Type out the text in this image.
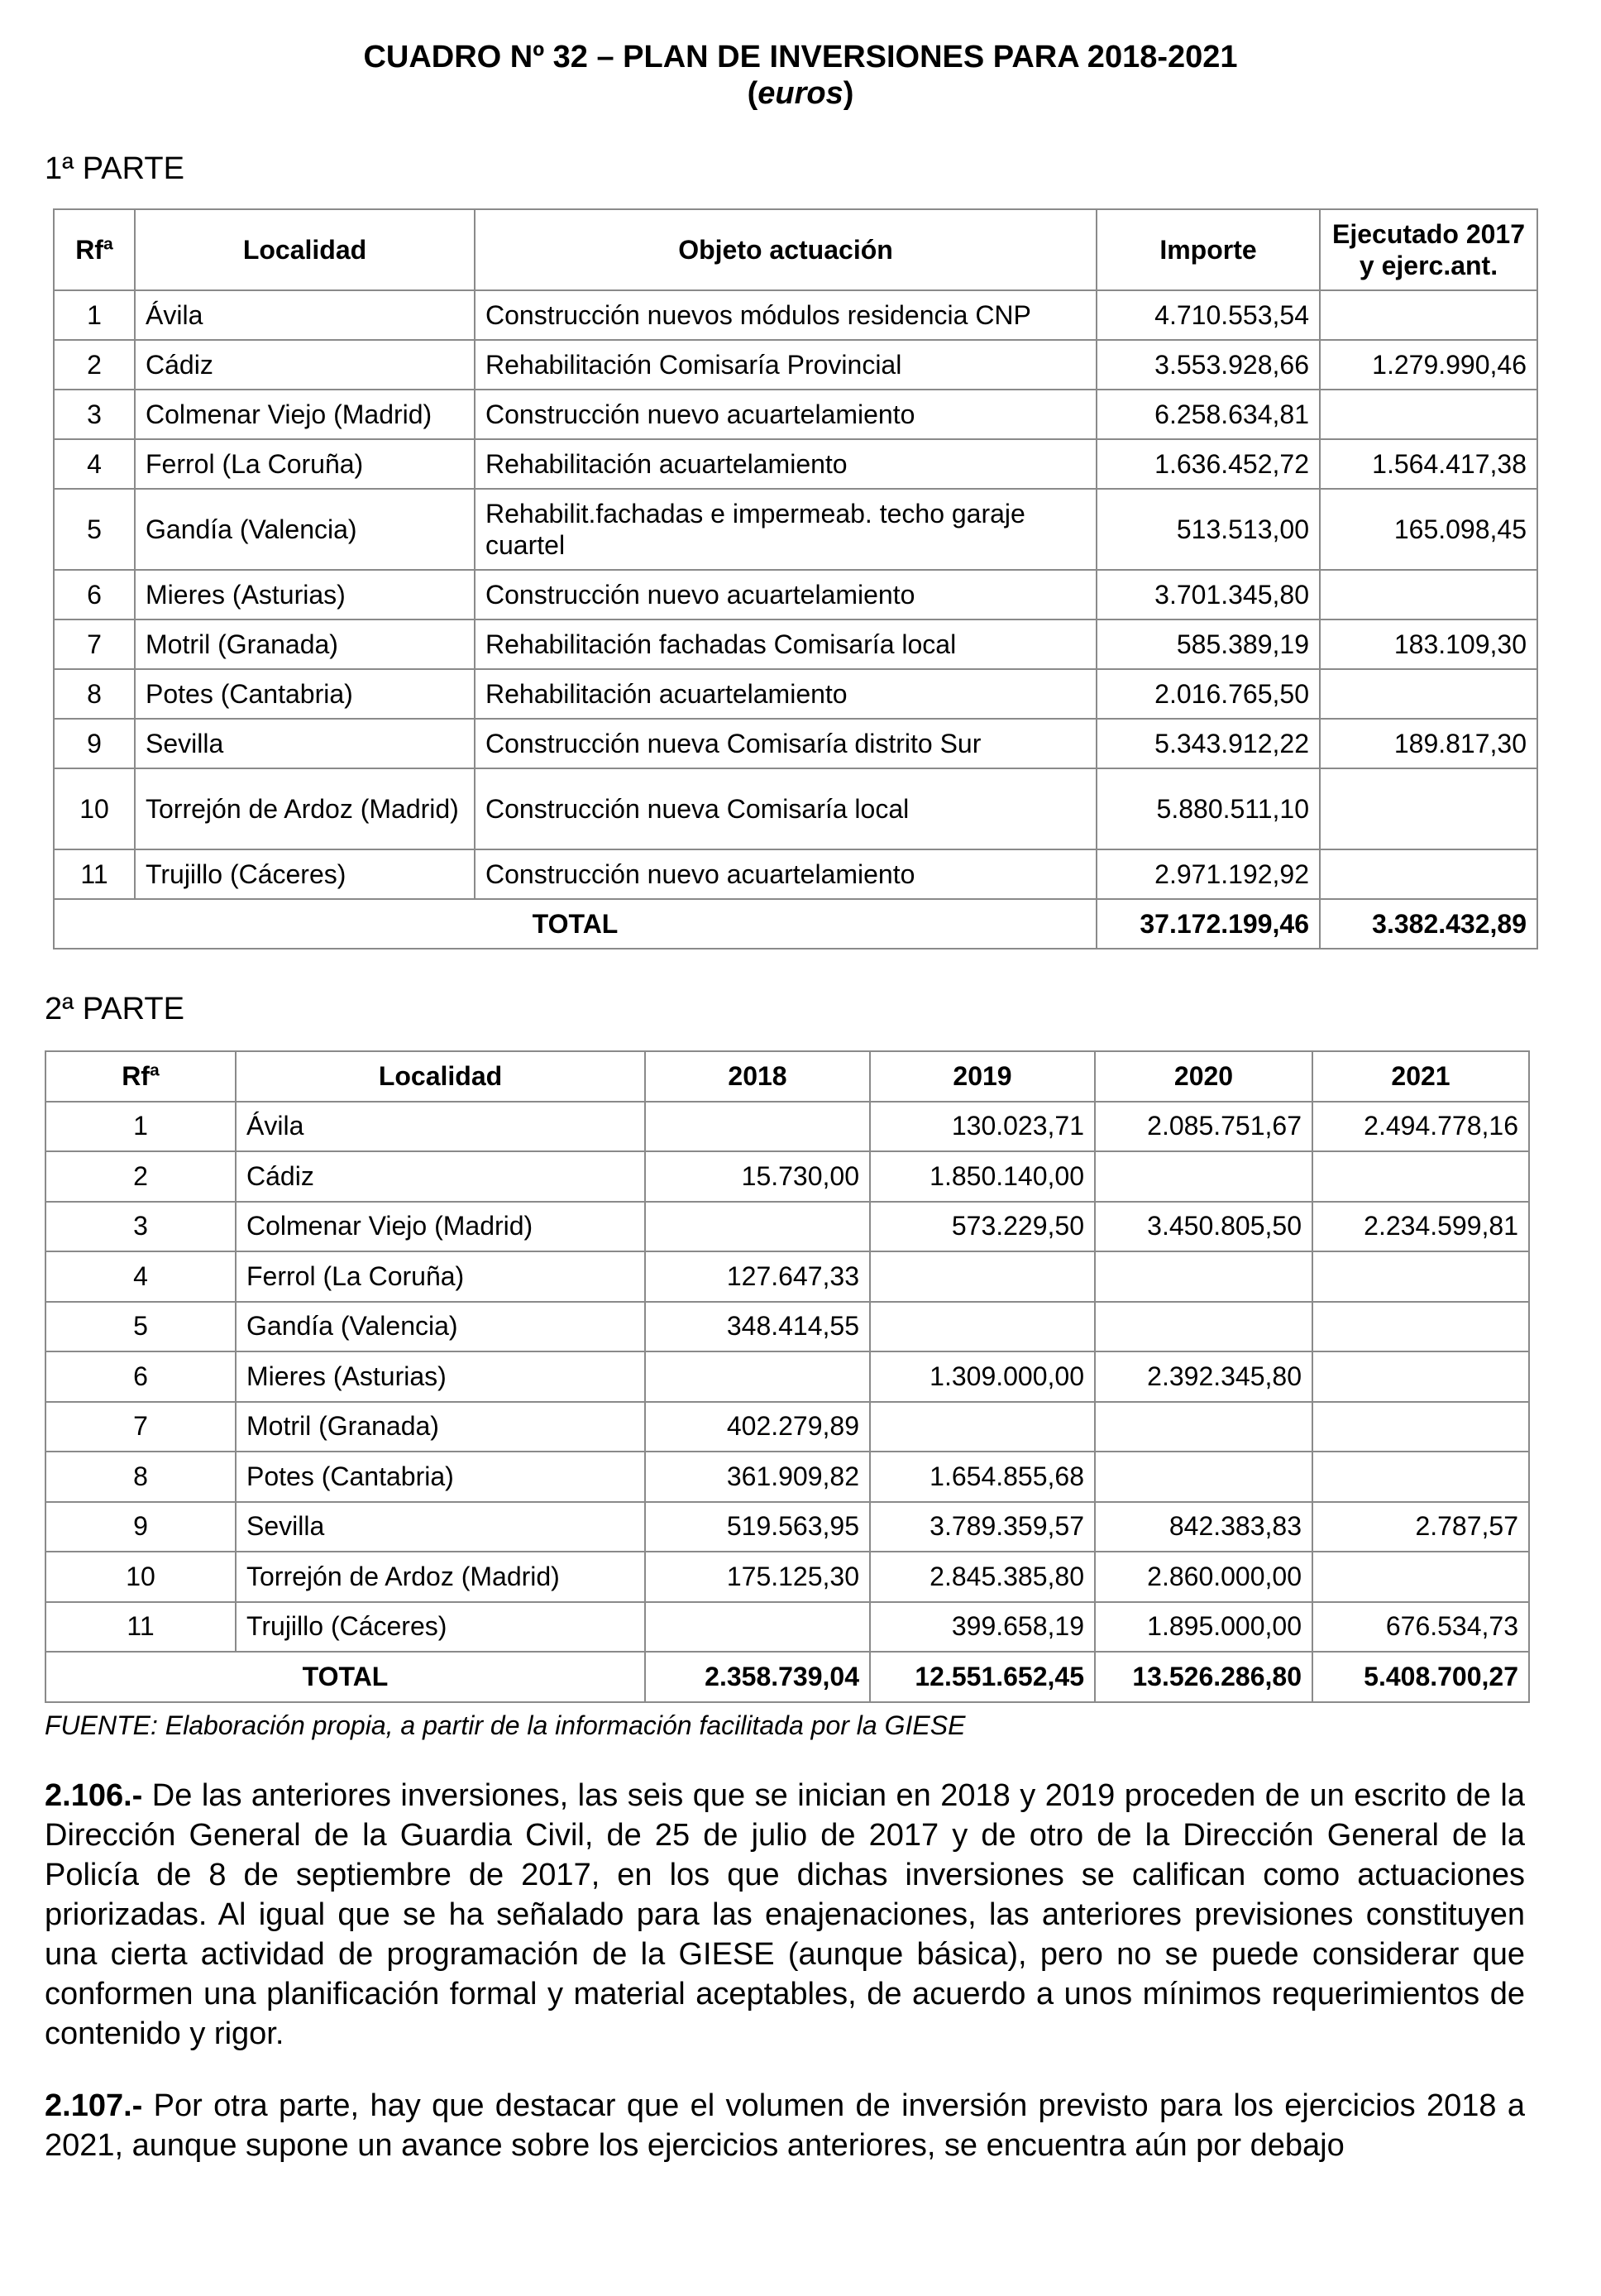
CUADRO Nº 32 – PLAN DE INVERSIONES PARA 2018-2021
(euros)
1ª PARTE
Rfª	Localidad	Objeto actuación	Importe	Ejecutado 2017 y ejerc.ant.
1	Ávila	Construcción nuevos módulos residencia CNP	4.710.553,54	
2	Cádiz	Rehabilitación Comisaría Provincial	3.553.928,66	1.279.990,46
3	Colmenar Viejo (Madrid)	Construcción nuevo acuartelamiento	6.258.634,81	
4	Ferrol (La Coruña)	Rehabilitación acuartelamiento	1.636.452,72	1.564.417,38
5	Gandía (Valencia)	Rehabilit.fachadas e impermeab. techo garaje cuartel	513.513,00	165.098,45
6	Mieres (Asturias)	Construcción nuevo acuartelamiento	3.701.345,80	
7	Motril (Granada)	Rehabilitación fachadas Comisaría local	585.389,19	183.109,30
8	Potes (Cantabria)	Rehabilitación acuartelamiento	2.016.765,50	
9	Sevilla	Construcción nueva Comisaría distrito Sur	5.343.912,22	189.817,30
10	Torrejón de Ardoz (Madrid)	Construcción nueva Comisaría local	5.880.511,10	
11	Trujillo (Cáceres)	Construcción nuevo acuartelamiento	2.971.192,92	
TOTAL			37.172.199,46	3.382.432,89
2ª PARTE
Rfª	Localidad	2018	2019	2020	2021
1	Ávila		130.023,71	2.085.751,67	2.494.778,16
2	Cádiz	15.730,00	1.850.140,00		
3	Colmenar Viejo (Madrid)		573.229,50	3.450.805,50	2.234.599,81
4	Ferrol (La Coruña)	127.647,33			
5	Gandía (Valencia)	348.414,55			
6	Mieres (Asturias)		1.309.000,00	2.392.345,80	
7	Motril (Granada)	402.279,89			
8	Potes (Cantabria)	361.909,82	1.654.855,68		
9	Sevilla	519.563,95	3.789.359,57	842.383,83	2.787,57
10	Torrejón de Ardoz (Madrid)	175.125,30	2.845.385,80	2.860.000,00	
11	Trujillo (Cáceres)		399.658,19	1.895.000,00	676.534,73
TOTAL		2.358.739,04	12.551.652,45	13.526.286,80	5.408.700,27
FUENTE: Elaboración propia, a partir de la información facilitada por la GIESE
2.106.- De las anteriores inversiones, las seis que se inician en 2018 y 2019 proceden de un escrito de la Dirección General de la Guardia Civil, de 25 de julio de 2017 y de otro de la Dirección General de la Policía de 8 de septiembre de 2017, en los que dichas inversiones se califican como actuaciones priorizadas. Al igual que se ha señalado para las enajenaciones, las anteriores previsiones constituyen una cierta actividad de programación de la GIESE (aunque básica), pero no se puede considerar que conformen una planificación formal y material aceptables, de acuerdo a unos mínimos requerimientos de contenido y rigor.
2.107.- Por otra parte, hay que destacar que el volumen de inversión previsto para los ejercicios 2018 a 2021, aunque supone un avance sobre los ejercicios anteriores, se encuentra aún por debajo
